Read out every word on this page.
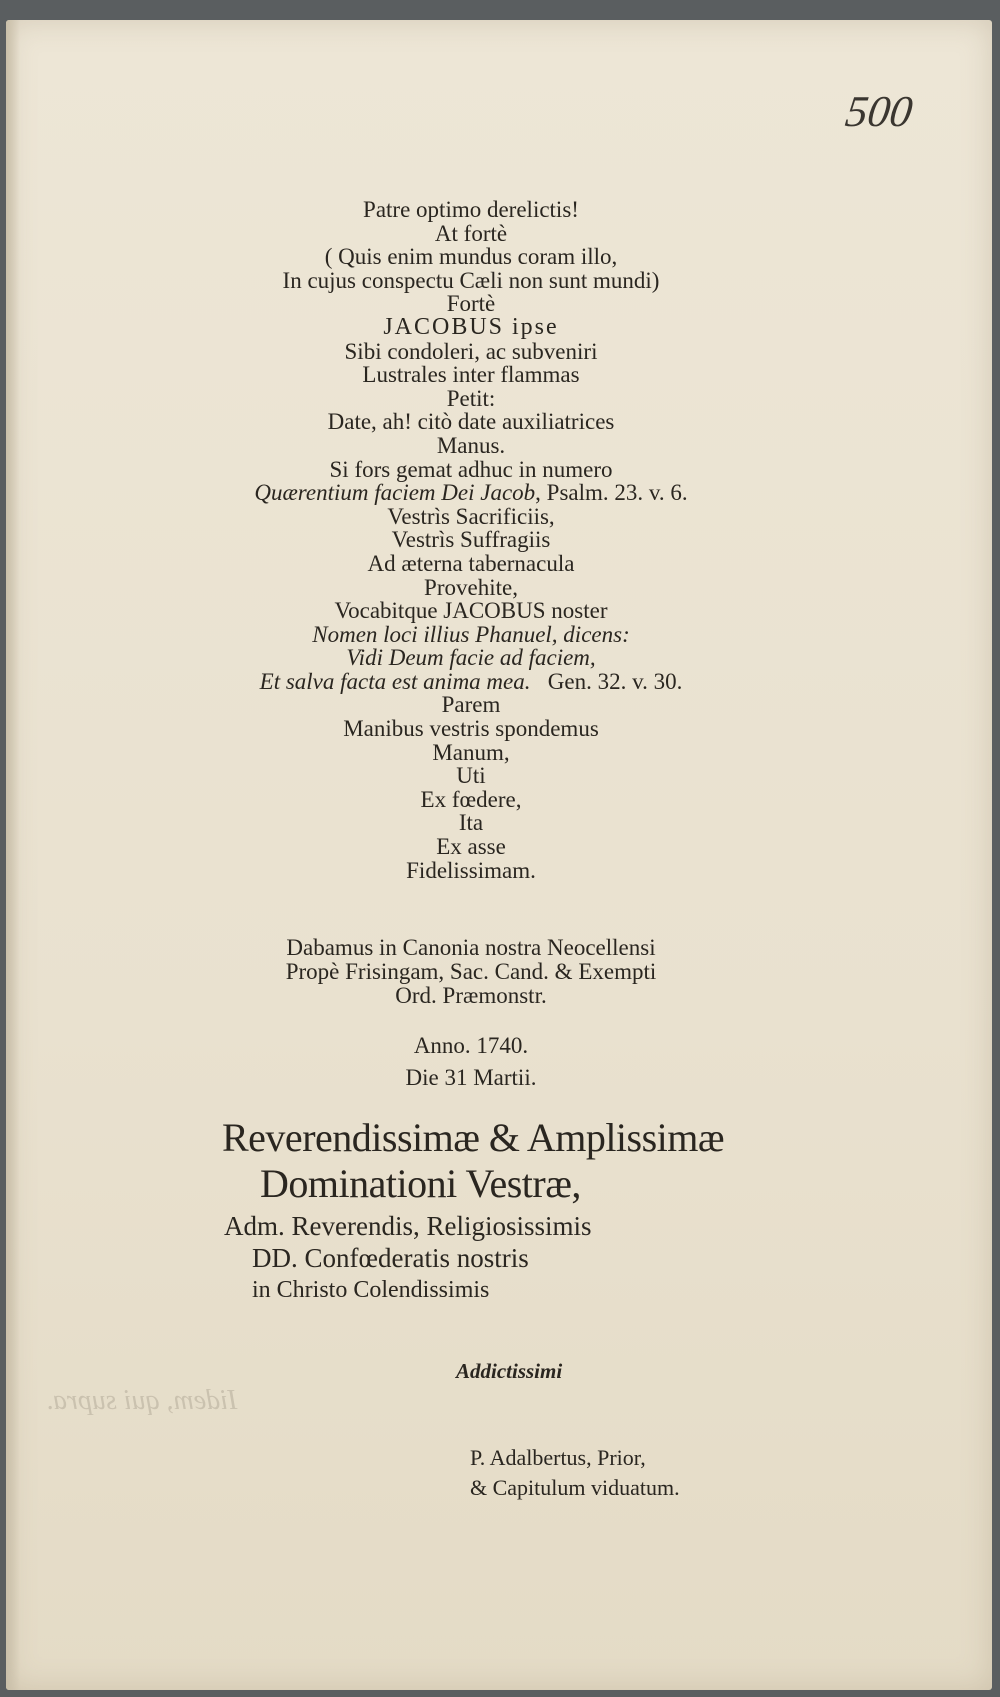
500
Patre optimo derelictis!
At fortè
( Quis enim mundus coram illo,
In cujus conspectu Cæli non sunt mundi)
Fortè
JACOBUS ipse
Sibi condoleri, ac subveniri
Lustrales inter flammas
Petit:
Date, ah! citò date auxiliatrices
Manus.
Si fors gemat adhuc in numero
Quærentium faciem Dei Jacob, Psalm. 23. v. 6.
Vestrìs Sacrificiis,
Vestrìs Suffragiis
Ad æterna tabernacula
Provehite,
Vocabitque JACOBUS noster
Nomen loci illius Phanuel, dicens:
Vidi Deum facie ad faciem,
Et salva facta est anima mea. Gen. 32. v. 30.
Parem
Manibus vestris spondemus
Manum,
Uti
Ex fœdere,
Ita
Ex asse
Fidelissimam.
Dabamus in Canonia nostra Neocellensi
Propè Frisingam, Sac. Cand. & Exempti
Ord. Præmonstr.
Anno. 1740.
Die 31 Martii.
Reverendissimæ & Amplissimæ
Dominationi Vestræ,
Adm. Reverendis, Religiosissimis
DD. Confœderatis nostris
in Christo Colendissimis
Addictissimi
Iidem, qui supra.
P. Adalbertus, Prior,
& Capitulum viduatum.
